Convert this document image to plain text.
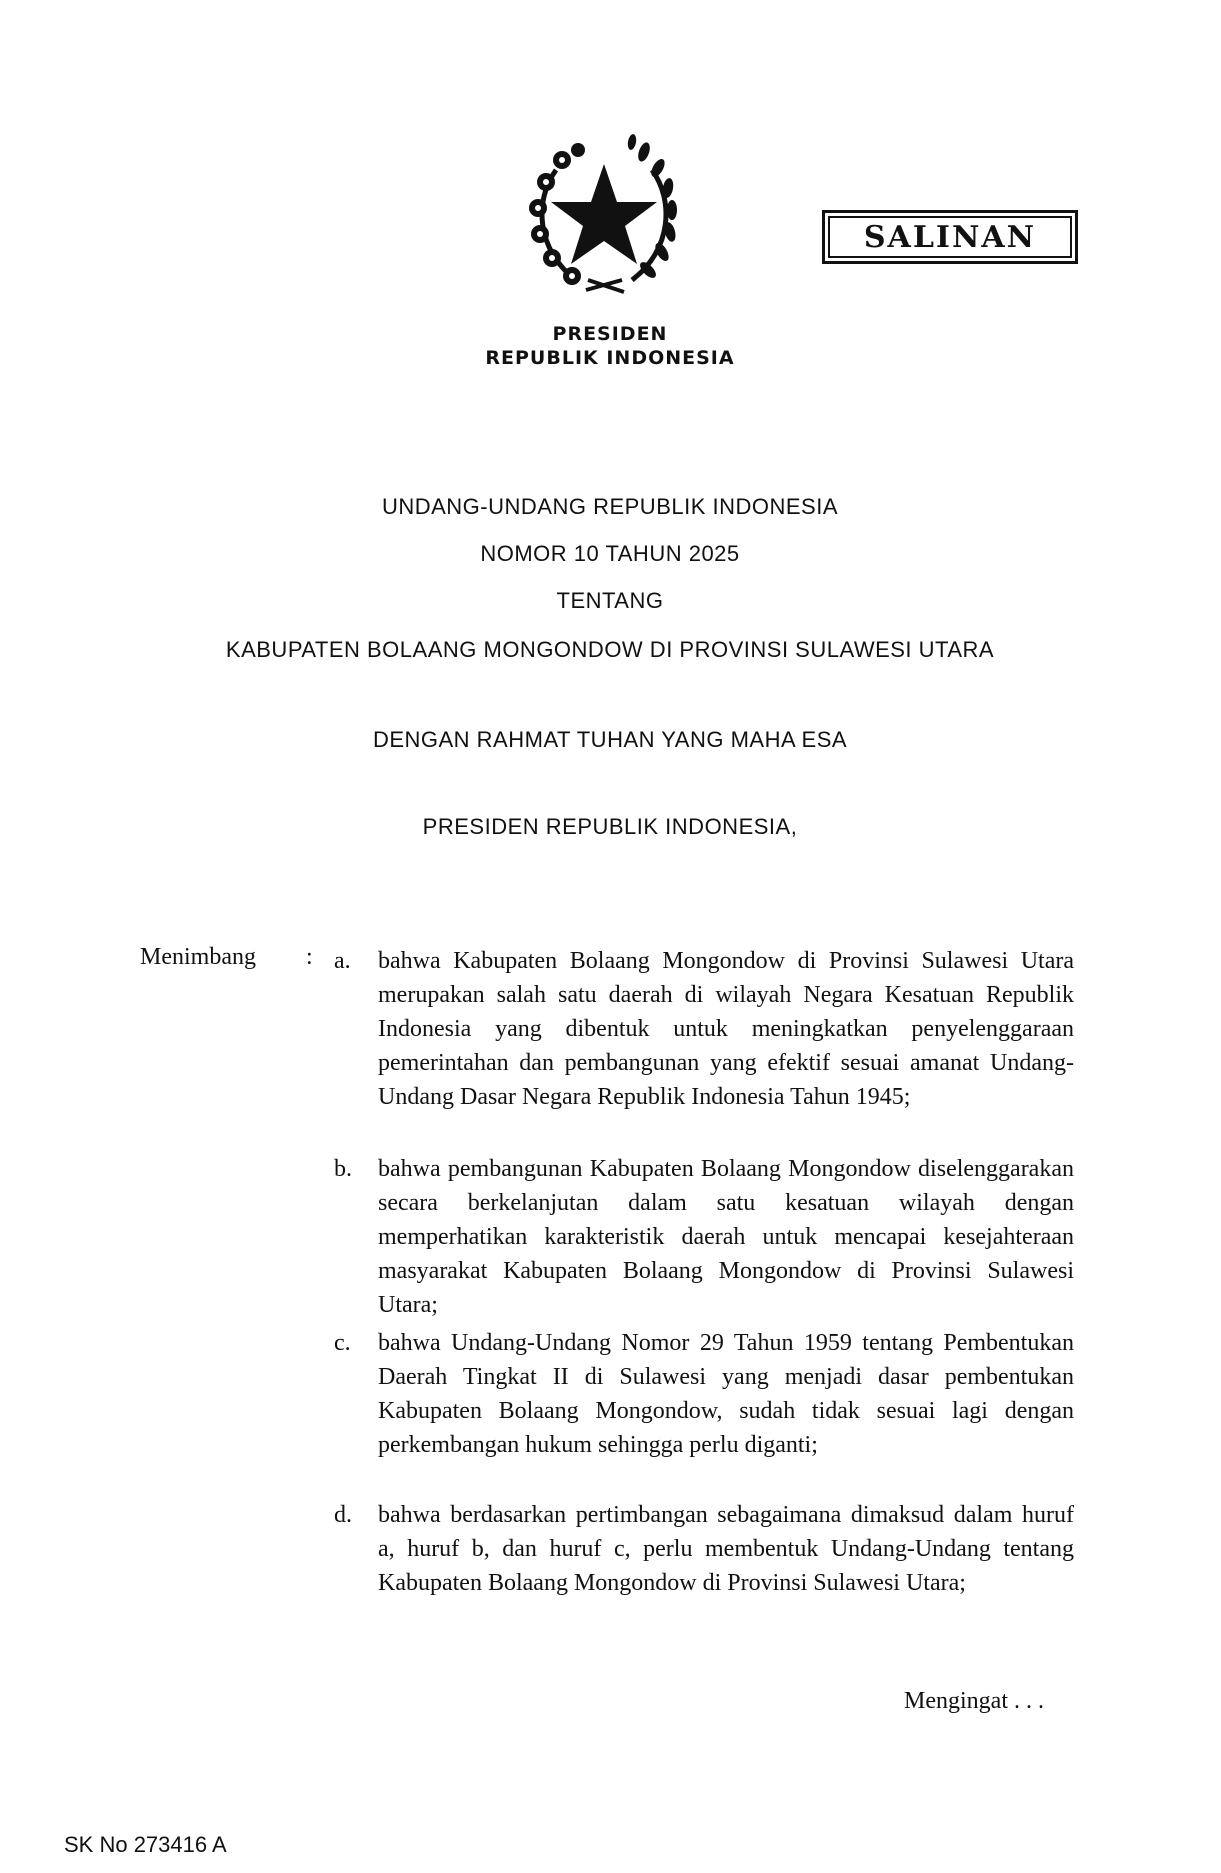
PRESIDEN
REPUBLIK INDONESIA
SALINAN
UNDANG-UNDANG REPUBLIK INDONESIA
NOMOR 10 TAHUN 2025
TENTANG
KABUPATEN BOLAANG MONGONDOW DI PROVINSI SULAWESI UTARA
DENGAN RAHMAT TUHAN YANG MAHA ESA
PRESIDEN REPUBLIK INDONESIA,
Menimbang : a.	bahwa Kabupaten Bolaang Mongondow di Provinsi Sulawesi Utara merupakan salah satu daerah di wilayah Negara Kesatuan Republik Indonesia yang dibentuk untuk meningkatkan penyelenggaraan pemerintahan dan pembangunan yang efektif sesuai amanat Undang-Undang Dasar Negara Republik Indonesia Tahun 1945;
b.	bahwa pembangunan Kabupaten Bolaang Mongondow diselenggarakan secara berkelanjutan dalam satu kesatuan wilayah dengan memperhatikan karakteristik daerah untuk mencapai kesejahteraan masyarakat Kabupaten Bolaang Mongondow di Provinsi Sulawesi Utara;
c.	bahwa Undang-Undang Nomor 29 Tahun 1959 tentang Pembentukan Daerah Tingkat II di Sulawesi yang menjadi dasar pembentukan Kabupaten Bolaang Mongondow, sudah tidak sesuai lagi dengan perkembangan hukum sehingga perlu diganti;
d.	bahwa berdasarkan pertimbangan sebagaimana dimaksud dalam huruf a, huruf b, dan huruf c, perlu membentuk Undang-Undang tentang Kabupaten Bolaang Mongondow di Provinsi Sulawesi Utara;
Mengingat . . .
SK No 273416 A
